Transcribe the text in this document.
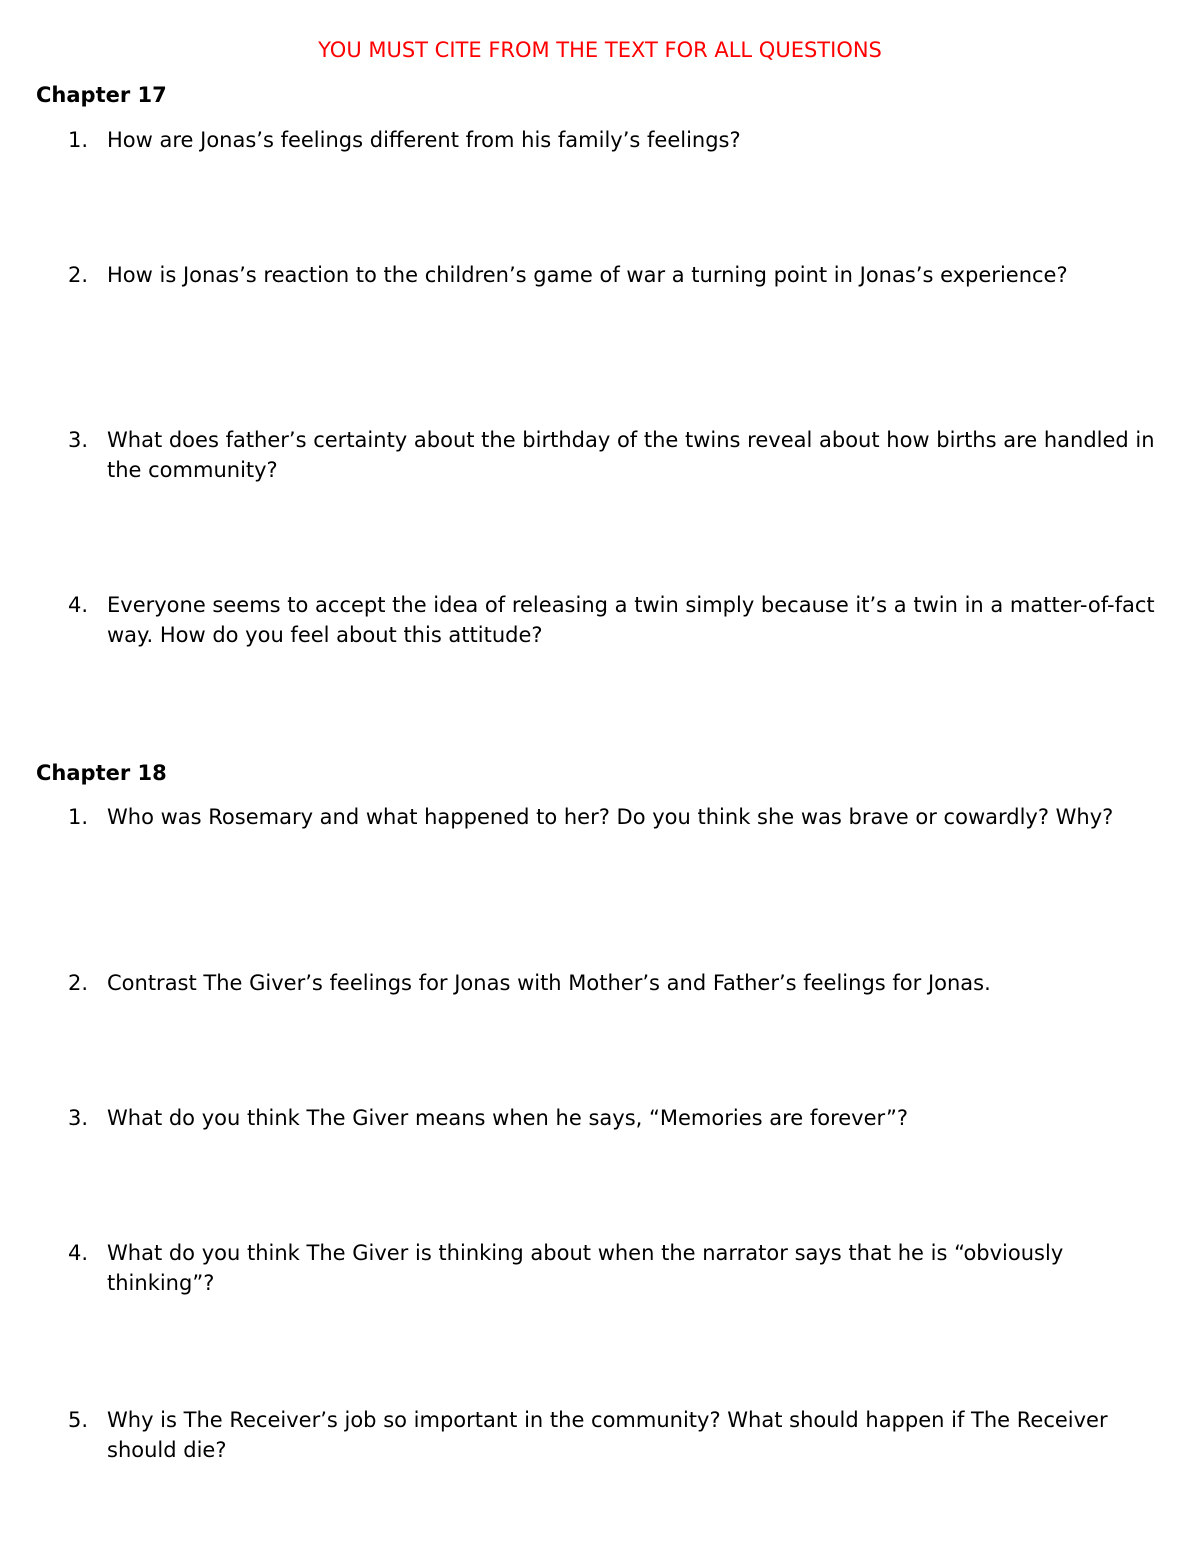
YOU MUST CITE FROM THE TEXT FOR ALL QUESTIONS
Chapter 17
1. How are Jonas’s feelings different from his family’s feelings?
2. How is Jonas’s reaction to the children’s game of war a turning point in Jonas’s experience?
3. What does father’s certainty about the birthday of the twins reveal about how births are handled in the community?
4. Everyone seems to accept the idea of releasing a twin simply because it’s a twin in a matter-of-fact way. How do you feel about this attitude?
Chapter 18
1. Who was Rosemary and what happened to her? Do you think she was brave or cowardly? Why?
2. Contrast The Giver’s feelings for Jonas with Mother’s and Father’s feelings for Jonas.
3. What do you think The Giver means when he says, “Memories are forever”?
4. What do you think The Giver is thinking about when the narrator says that he is “obviously thinking”?
5. Why is The Receiver’s job so important in the community? What should happen if The Receiver should die?
